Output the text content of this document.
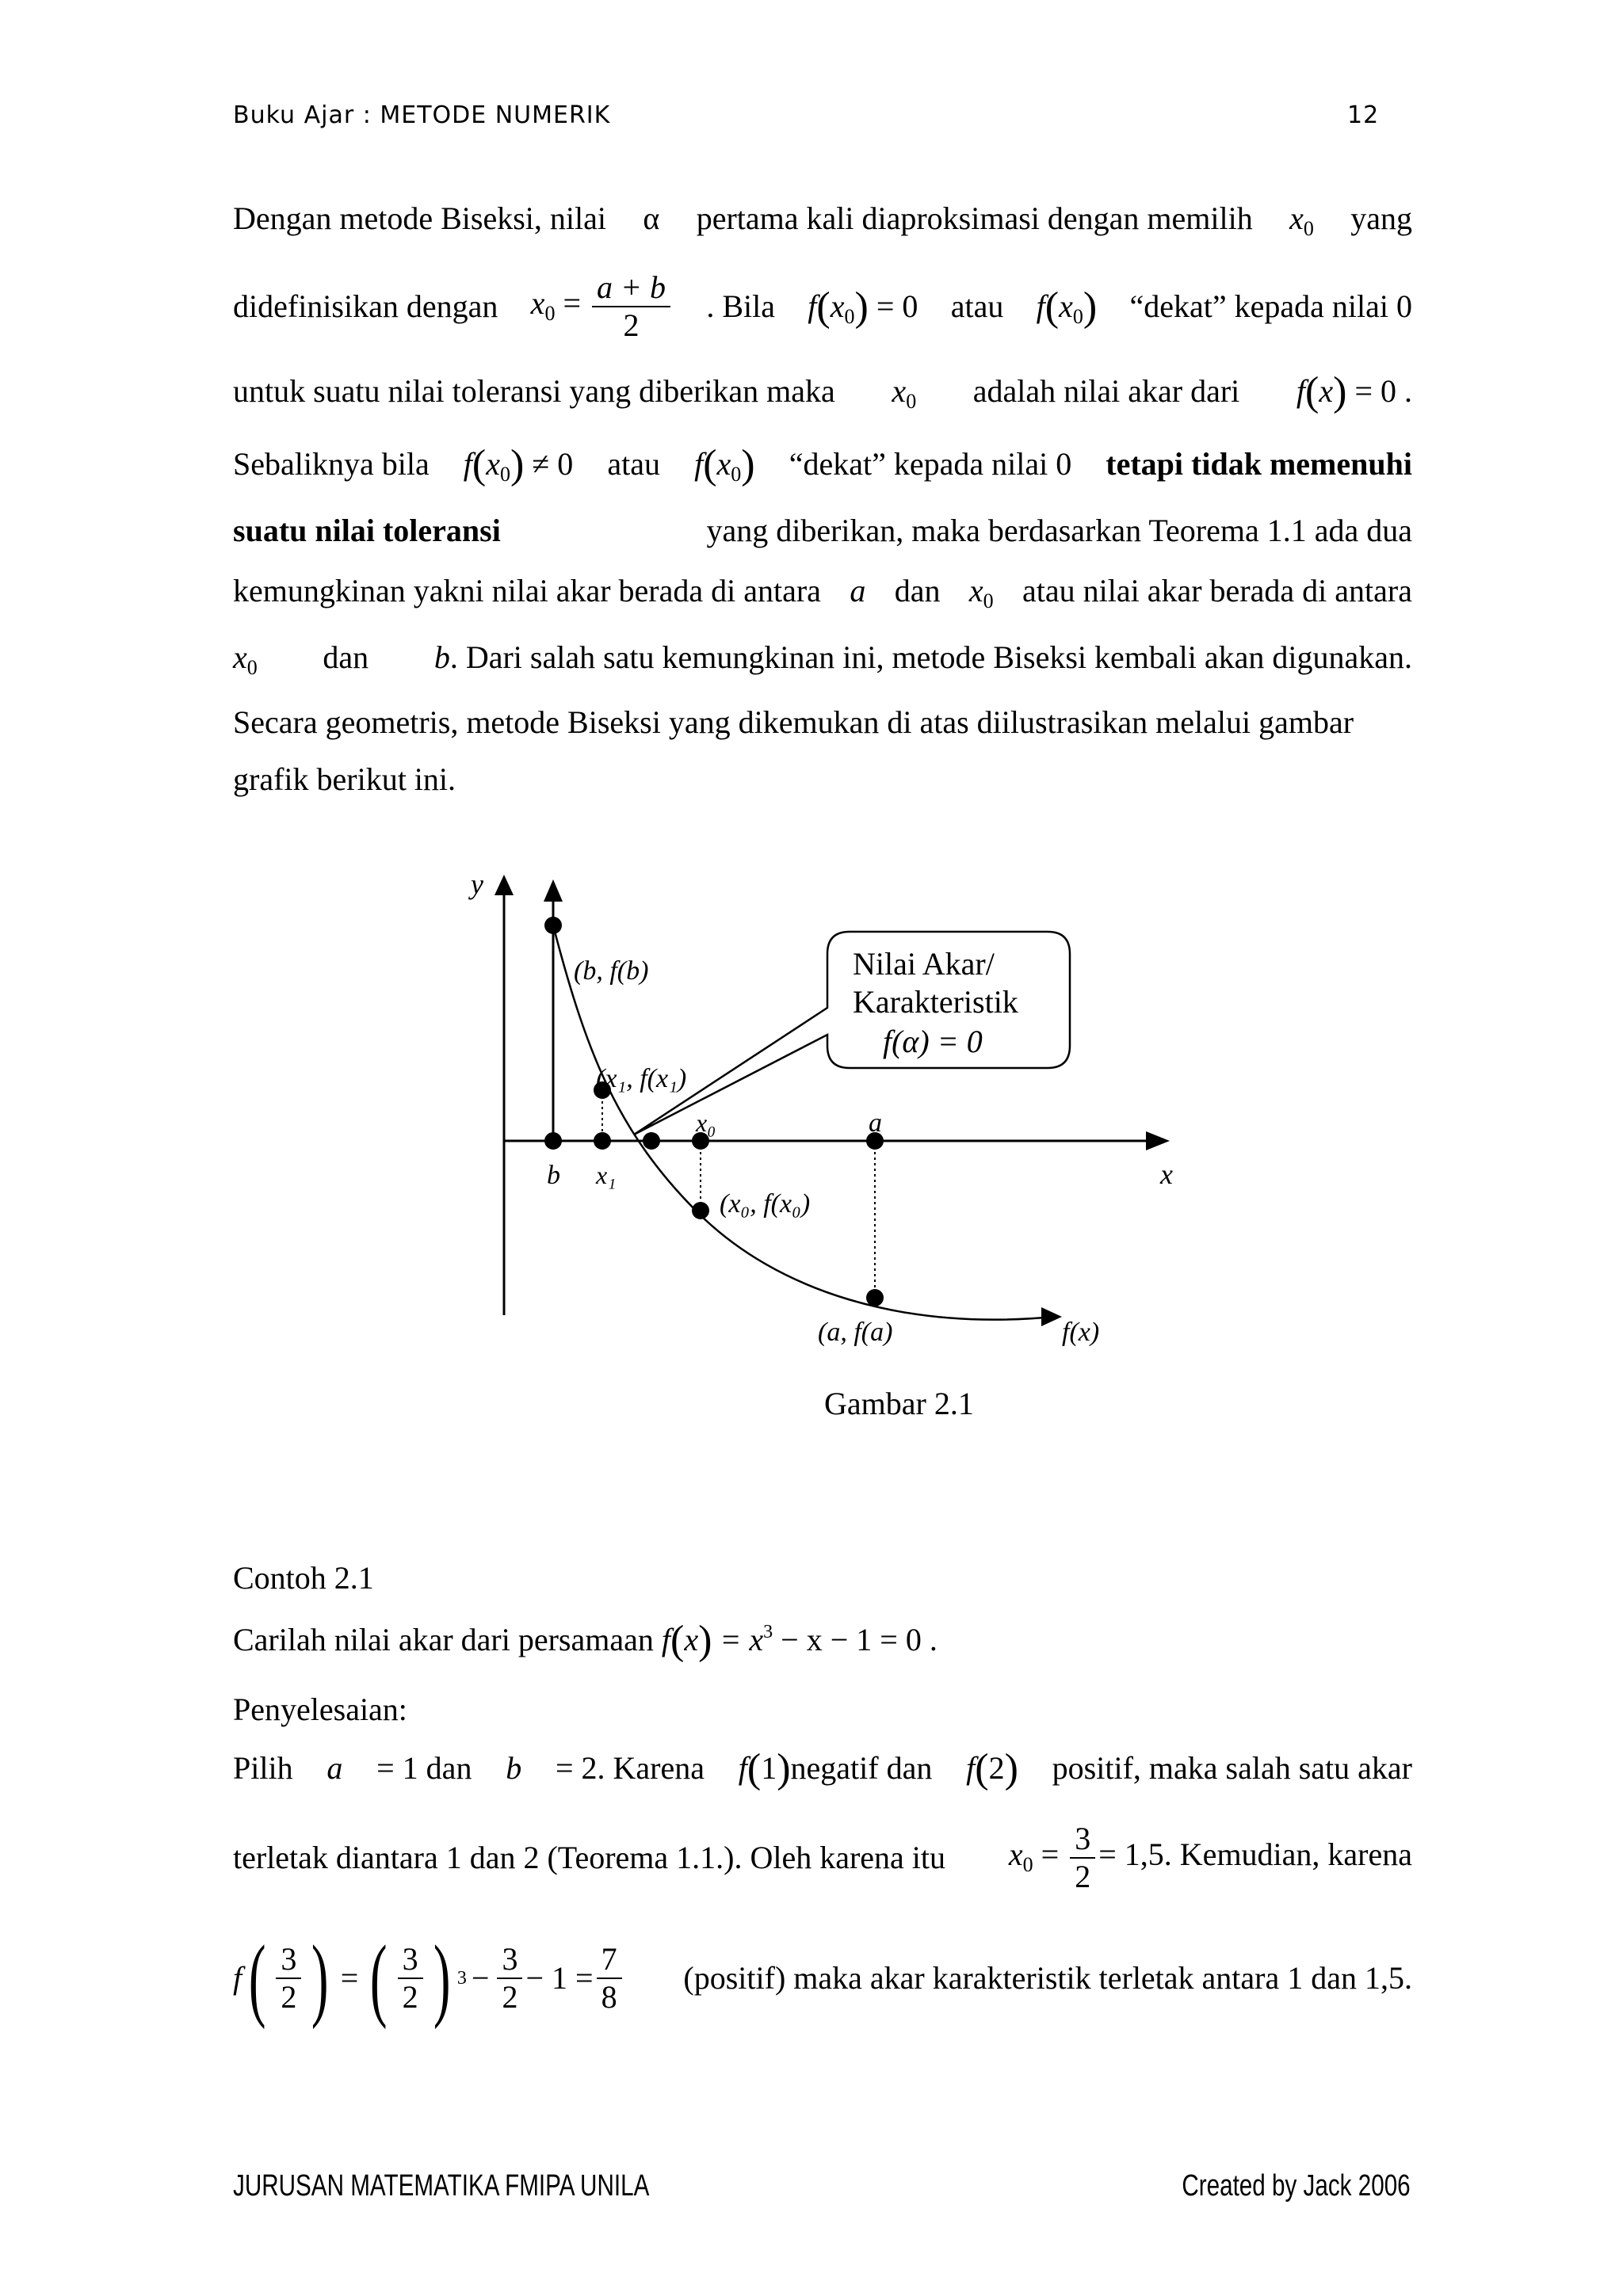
Buku Ajar : METODE NUMERIK	12
Dengan metode Biseksi, nilai α pertama kali diaproksimasi dengan memilih $x_0$ yang
didefinisikan dengan $x_0 = \frac{a + b}{2}$ . Bila $f(x_0) = 0$ atau $f(x_0)$ “dekat” kepada nilai 0
untuk suatu nilai toleransi yang diberikan maka $x_0$ adalah nilai akar dari f(x) = 0 .
Sebaliknya bila $f(x_0) \ne 0$ atau $f(x_0)$ “dekat” kepada nilai 0 tetapi tidak memenuhi
suatu nilai toleransi	yang diberikan, maka berdasarkan Teorema 1.1 ada dua
kemungkinan yakni nilai akar berada di antara a dan $x_0$ atau nilai akar berada di antara
$x_0$ dan b. Dari salah satu kemungkinan ini, metode Biseksi kembali akan digunakan.
Secara geometris, metode Biseksi yang dikemukan di atas diilustrasikan melalui gambar
grafik berikut ini.
y
x
Nilai Akar/
Karakteristik
f(α) = 0
(b, f(b)
(x₁, f(x₁)
x₀	a
b x₁
(x₀, f(x₀)
(a, f(a)	f(x)
Gambar 2.1
Contoh 2.1
Carilah nilai akar dari persamaan $f(x) = x^3 - x - 1 = 0$ .
Penyelesaian:
Pilih a = 1 dan b = 2. Karena f(1)negatif dan f(2) positif, maka salah satu akar
terletak diantara 1 dan 2 (Teorema 1.1.). Oleh karena itu $x_0 = \frac{3}{2} = 1,5$. Kemudian, karena
f ( $\frac{3}{2}$ ) = ( $\frac{3}{2}$ ) $3 - \frac{3}{2} - 1 = \frac{7}{8}$ (positif) maka akar karakteristik terletak antara 1 dan 1,5.
JURUSAN MATEMATIKA FMIPA UNILA	Created by Jack 2006
